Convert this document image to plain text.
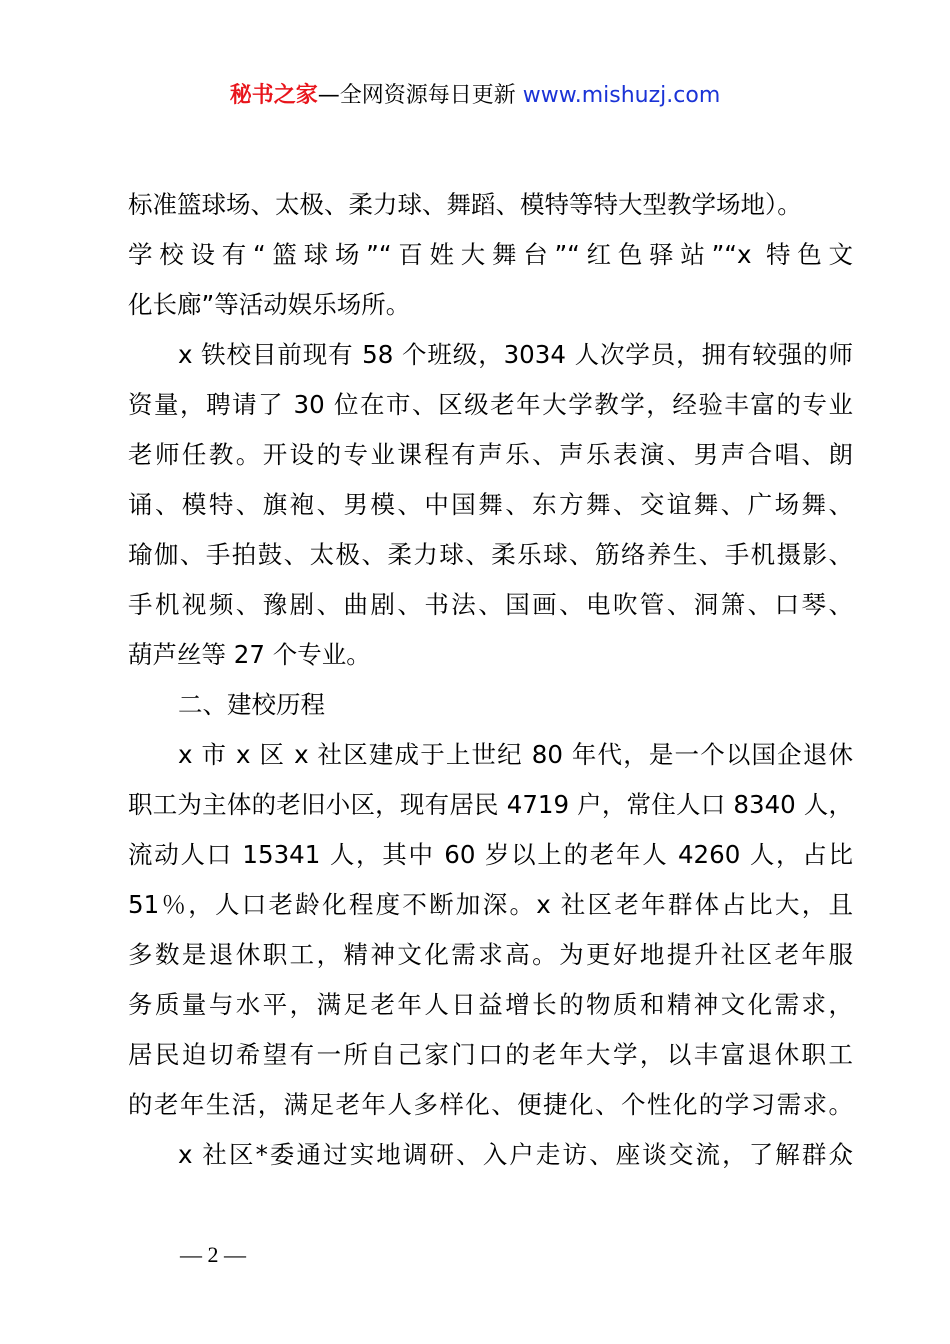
秘书之家—全网资源每日更新 www.mishuzj.com
标准篮球场、太极、柔力球、舞蹈、模特等特大型教学场地）。
学校设有“篮球场”“百姓大舞台”“红色驿站”“x 特色文
化长廊”等活动娱乐场所。
x 铁校目前现有 58 个班级，3034 人次学员，拥有较强的师
资量，聘请了 30 位在市、区级老年大学教学，经验丰富的专业
老师任教。开设的专业课程有声乐、声乐表演、男声合唱、朗
诵、模特、旗袍、男模、中国舞、东方舞、交谊舞、广场舞、
瑜伽、手拍鼓、太极、柔力球、柔乐球、筋络养生、手机摄影、
手机视频、豫剧、曲剧、书法、国画、电吹管、洞箫、口琴、
葫芦丝等 27 个专业。
二、建校历程
x 市 x 区 x 社区建成于上世纪 80 年代，是一个以国企退休
职工为主体的老旧小区，现有居民 4719 户，常住人口 8340 人，
流动人口 15341 人，其中 60 岁以上的老年人 4260 人，占比
51％，人口老龄化程度不断加深。x 社区老年群体占比大，且
多数是退休职工，精神文化需求高。为更好地提升社区老年服
务质量与水平，满足老年人日益增长的物质和精神文化需求，
居民迫切希望有一所自己家门口的老年大学，以丰富退休职工
的老年生活，满足老年人多样化、便捷化、个性化的学习需求。
x 社区*委通过实地调研、入户走访、座谈交流，了解群众
— 2 —
